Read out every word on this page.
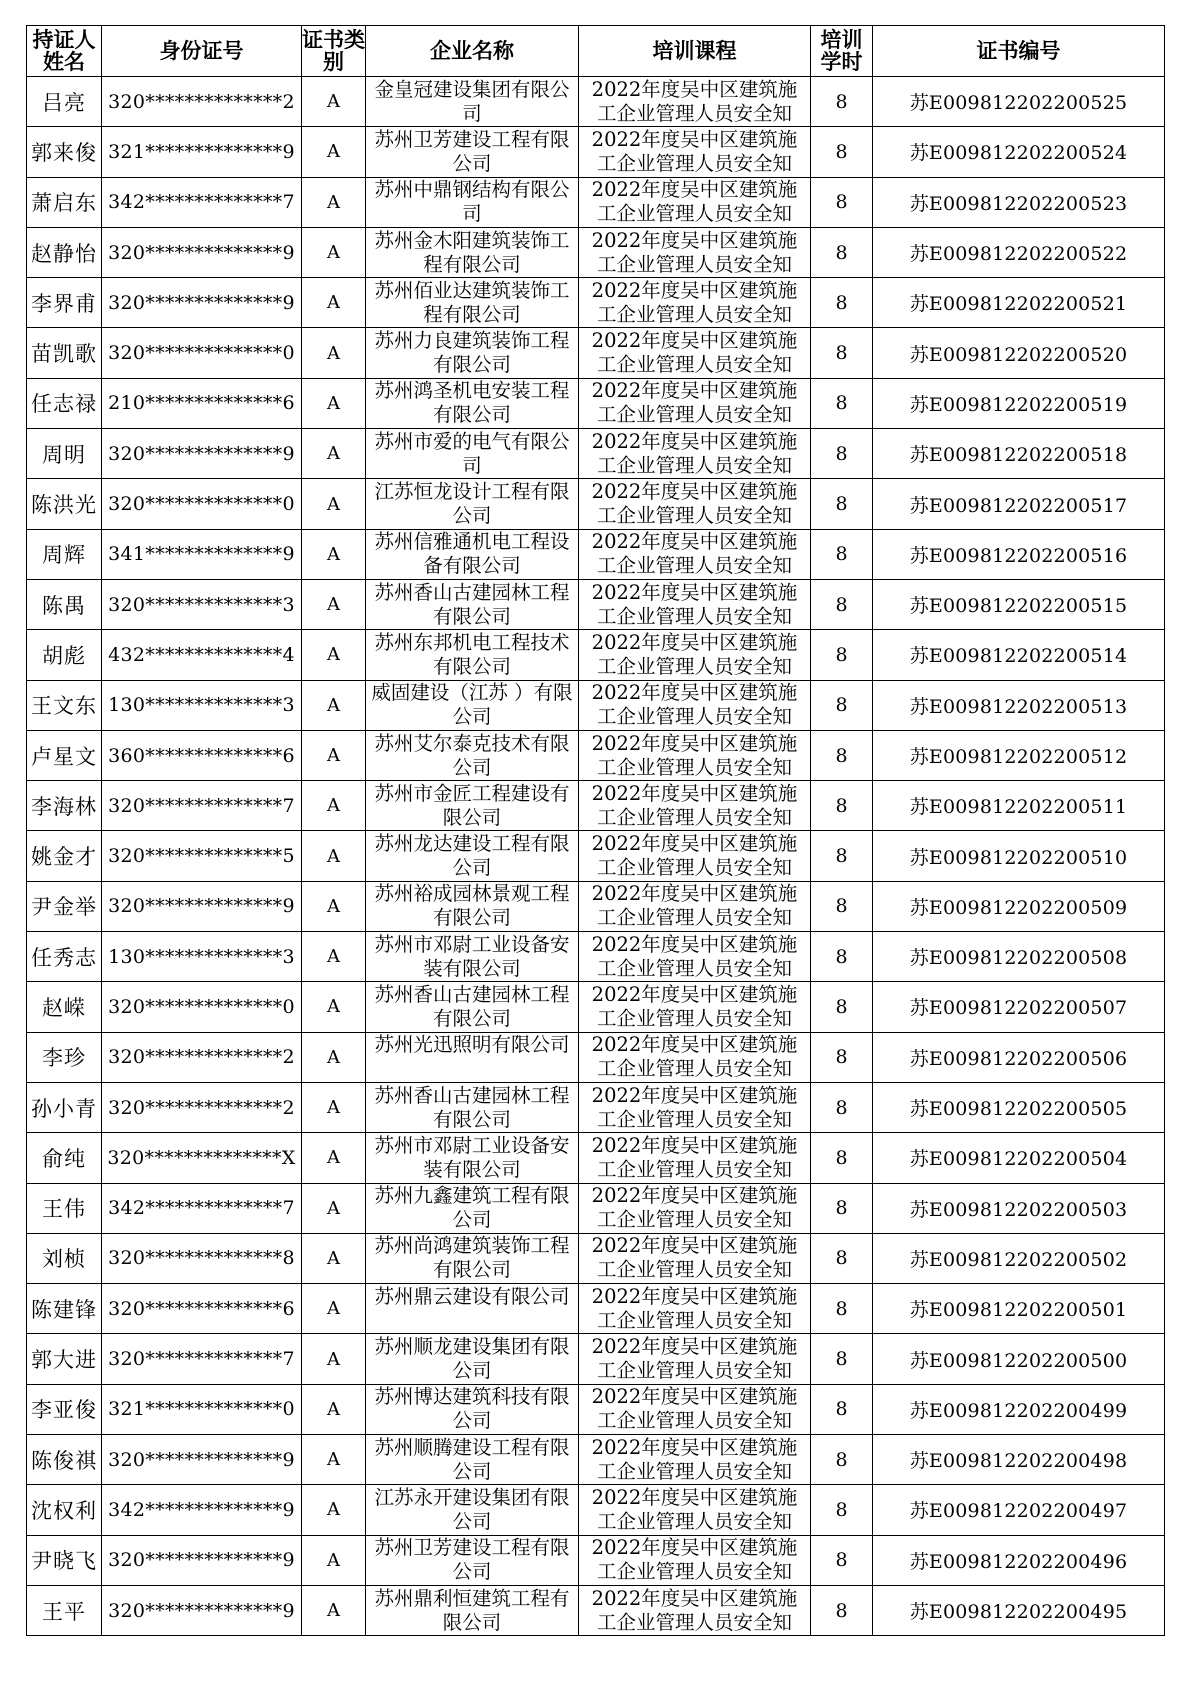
持证人姓名	身份证号	证书类别	企业名称	培训课程	培训学时	证书编号
吕亮	320**************2	A	金皇冠建设集团有限公司	2022年度吴中区建筑施工企业管理人员安全知	8	苏E009812202200525
郭来俊	321**************9	A	苏州卫芳建设工程有限公司	2022年度吴中区建筑施工企业管理人员安全知	8	苏E009812202200524
萧启东	342**************7	A	苏州中鼎钢结构有限公司	2022年度吴中区建筑施工企业管理人员安全知	8	苏E009812202200523
赵静怡	320**************9	A	苏州金木阳建筑装饰工程有限公司	2022年度吴中区建筑施工企业管理人员安全知	8	苏E009812202200522
李界甫	320**************9	A	苏州佰业达建筑装饰工程有限公司	2022年度吴中区建筑施工企业管理人员安全知	8	苏E009812202200521
苗凯歌	320**************0	A	苏州力良建筑装饰工程有限公司	2022年度吴中区建筑施工企业管理人员安全知	8	苏E009812202200520
任志禄	210**************6	A	苏州鸿圣机电安装工程有限公司	2022年度吴中区建筑施工企业管理人员安全知	8	苏E009812202200519
周明	320**************9	A	苏州市爱的电气有限公司	2022年度吴中区建筑施工企业管理人员安全知	8	苏E009812202200518
陈洪光	320**************0	A	江苏恒龙设计工程有限公司	2022年度吴中区建筑施工企业管理人员安全知	8	苏E009812202200517
周辉	341**************9	A	苏州信雅通机电工程设备有限公司	2022年度吴中区建筑施工企业管理人员安全知	8	苏E009812202200516
陈禺	320**************3	A	苏州香山古建园林工程有限公司	2022年度吴中区建筑施工企业管理人员安全知	8	苏E009812202200515
胡彪	432**************4	A	苏州东邦机电工程技术有限公司	2022年度吴中区建筑施工企业管理人员安全知	8	苏E009812202200514
王文东	130**************3	A	威固建设（江苏 ）有限公司	2022年度吴中区建筑施工企业管理人员安全知	8	苏E009812202200513
卢星文	360**************6	A	苏州艾尔泰克技术有限公司	2022年度吴中区建筑施工企业管理人员安全知	8	苏E009812202200512
李海林	320**************7	A	苏州市金匠工程建设有限公司	2022年度吴中区建筑施工企业管理人员安全知	8	苏E009812202200511
姚金才	320**************5	A	苏州龙达建设工程有限公司	2022年度吴中区建筑施工企业管理人员安全知	8	苏E009812202200510
尹金举	320**************9	A	苏州裕成园林景观工程有限公司	2022年度吴中区建筑施工企业管理人员安全知	8	苏E009812202200509
任秀志	130**************3	A	苏州市邓尉工业设备安装有限公司	2022年度吴中区建筑施工企业管理人员安全知	8	苏E009812202200508
赵嵘	320**************0	A	苏州香山古建园林工程有限公司	2022年度吴中区建筑施工企业管理人员安全知	8	苏E009812202200507
李珍	320**************2	A	苏州光迅照明有限公司	2022年度吴中区建筑施工企业管理人员安全知	8	苏E009812202200506
孙小青	320**************2	A	苏州香山古建园林工程有限公司	2022年度吴中区建筑施工企业管理人员安全知	8	苏E009812202200505
俞纯	320**************X	A	苏州市邓尉工业设备安装有限公司	2022年度吴中区建筑施工企业管理人员安全知	8	苏E009812202200504
王伟	342**************7	A	苏州九鑫建筑工程有限公司	2022年度吴中区建筑施工企业管理人员安全知	8	苏E009812202200503
刘桢	320**************8	A	苏州尚鸿建筑装饰工程有限公司	2022年度吴中区建筑施工企业管理人员安全知	8	苏E009812202200502
陈建锋	320**************6	A	苏州鼎云建设有限公司	2022年度吴中区建筑施工企业管理人员安全知	8	苏E009812202200501
郭大进	320**************7	A	苏州顺龙建设集团有限公司	2022年度吴中区建筑施工企业管理人员安全知	8	苏E009812202200500
李亚俊	321**************0	A	苏州博达建筑科技有限公司	2022年度吴中区建筑施工企业管理人员安全知	8	苏E009812202200499
陈俊祺	320**************9	A	苏州顺腾建设工程有限公司	2022年度吴中区建筑施工企业管理人员安全知	8	苏E009812202200498
沈权利	342**************9	A	江苏永开建设集团有限公司	2022年度吴中区建筑施工企业管理人员安全知	8	苏E009812202200497
尹晓飞	320**************9	A	苏州卫芳建设工程有限公司	2022年度吴中区建筑施工企业管理人员安全知	8	苏E009812202200496
王平	320**************9	A	苏州鼎利恒建筑工程有限公司	2022年度吴中区建筑施工企业管理人员安全知	8	苏E009812202200495
